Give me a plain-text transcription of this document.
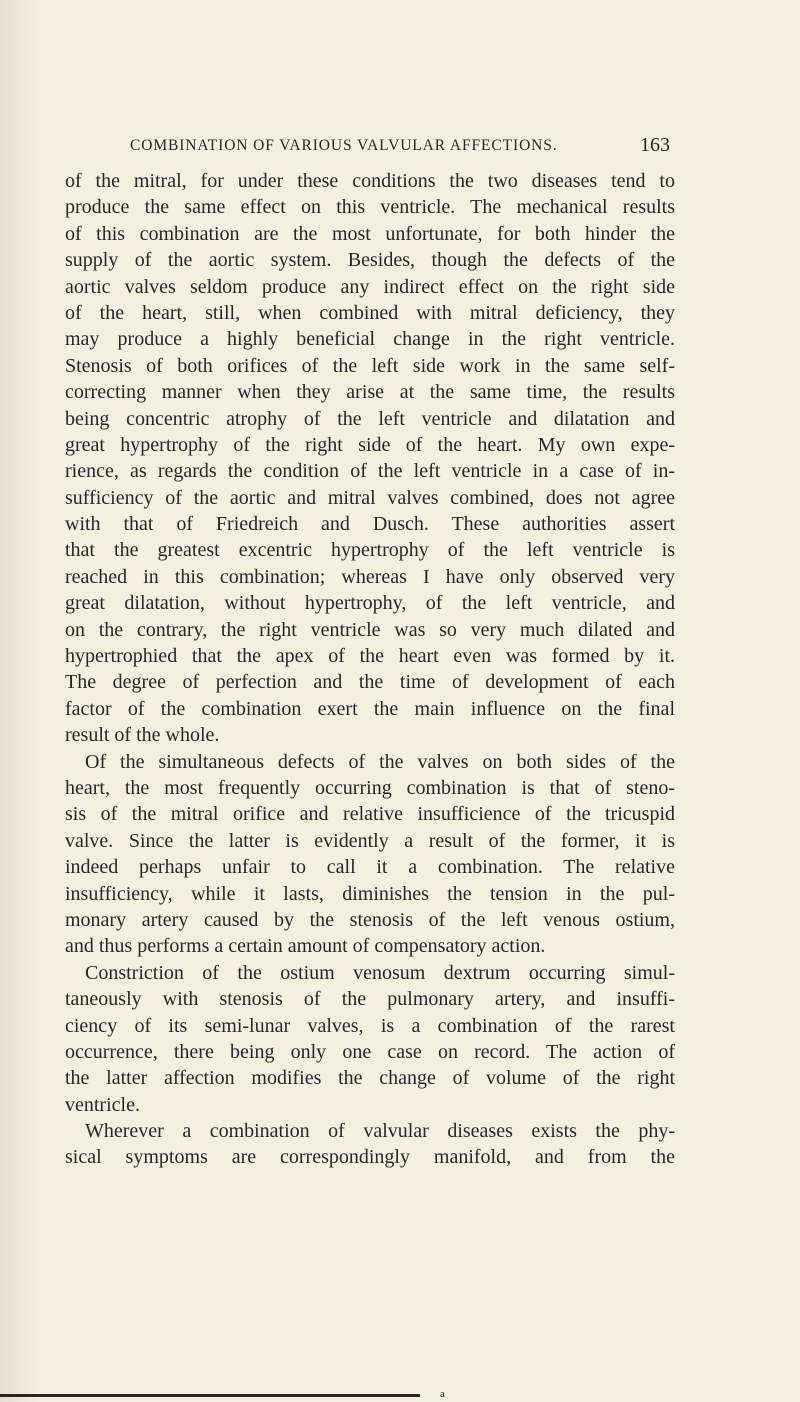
COMBINATION OF VARIOUS VALVULAR AFFECTIONS.	163
of the mitral, for under these conditions the two diseases tend to
produce the same effect on this ventricle. The mechanical results
of this combination are the most unfortunate, for both hinder the
supply of the aortic system. Besides, though the defects of the
aortic valves seldom produce any indirect effect on the right side
of the heart, still, when combined with mitral deficiency, they
may produce a highly beneficial change in the right ventricle.
Stenosis of both orifices of the left side work in the same self-
correcting manner when they arise at the same time, the results
being concentric atrophy of the left ventricle and dilatation and
great hypertrophy of the right side of the heart. My own expe-
rience, as regards the condition of the left ventricle in a case of in-
sufficiency of the aortic and mitral valves combined, does not agree
with that of Friedreich and Dusch. These authorities assert
that the greatest excentric hypertrophy of the left ventricle is
reached in this combination; whereas I have only observed very
great dilatation, without hypertrophy, of the left ventricle, and
on the contrary, the right ventricle was so very much dilated and
hypertrophied that the apex of the heart even was formed by it.
The degree of perfection and the time of development of each
factor of the combination exert the main influence on the final
result of the whole.
Of the simultaneous defects of the valves on both sides of the
heart, the most frequently occurring combination is that of steno-
sis of the mitral orifice and relative insufficience of the tricuspid
valve. Since the latter is evidently a result of the former, it is
indeed perhaps unfair to call it a combination. The relative
insufficiency, while it lasts, diminishes the tension in the pul-
monary artery caused by the stenosis of the left venous ostium,
and thus performs a certain amount of compensatory action.
Constriction of the ostium venosum dextrum occurring simul-
taneously with stenosis of the pulmonary artery, and insuffi-
ciency of its semi-lunar valves, is a combination of the rarest
occurrence, there being only one case on record. The action of
the latter affection modifies the change of volume of the right
ventricle.
Wherever a combination of valvular diseases exists the phy-
sical symptoms are correspondingly manifold, and from the
a
